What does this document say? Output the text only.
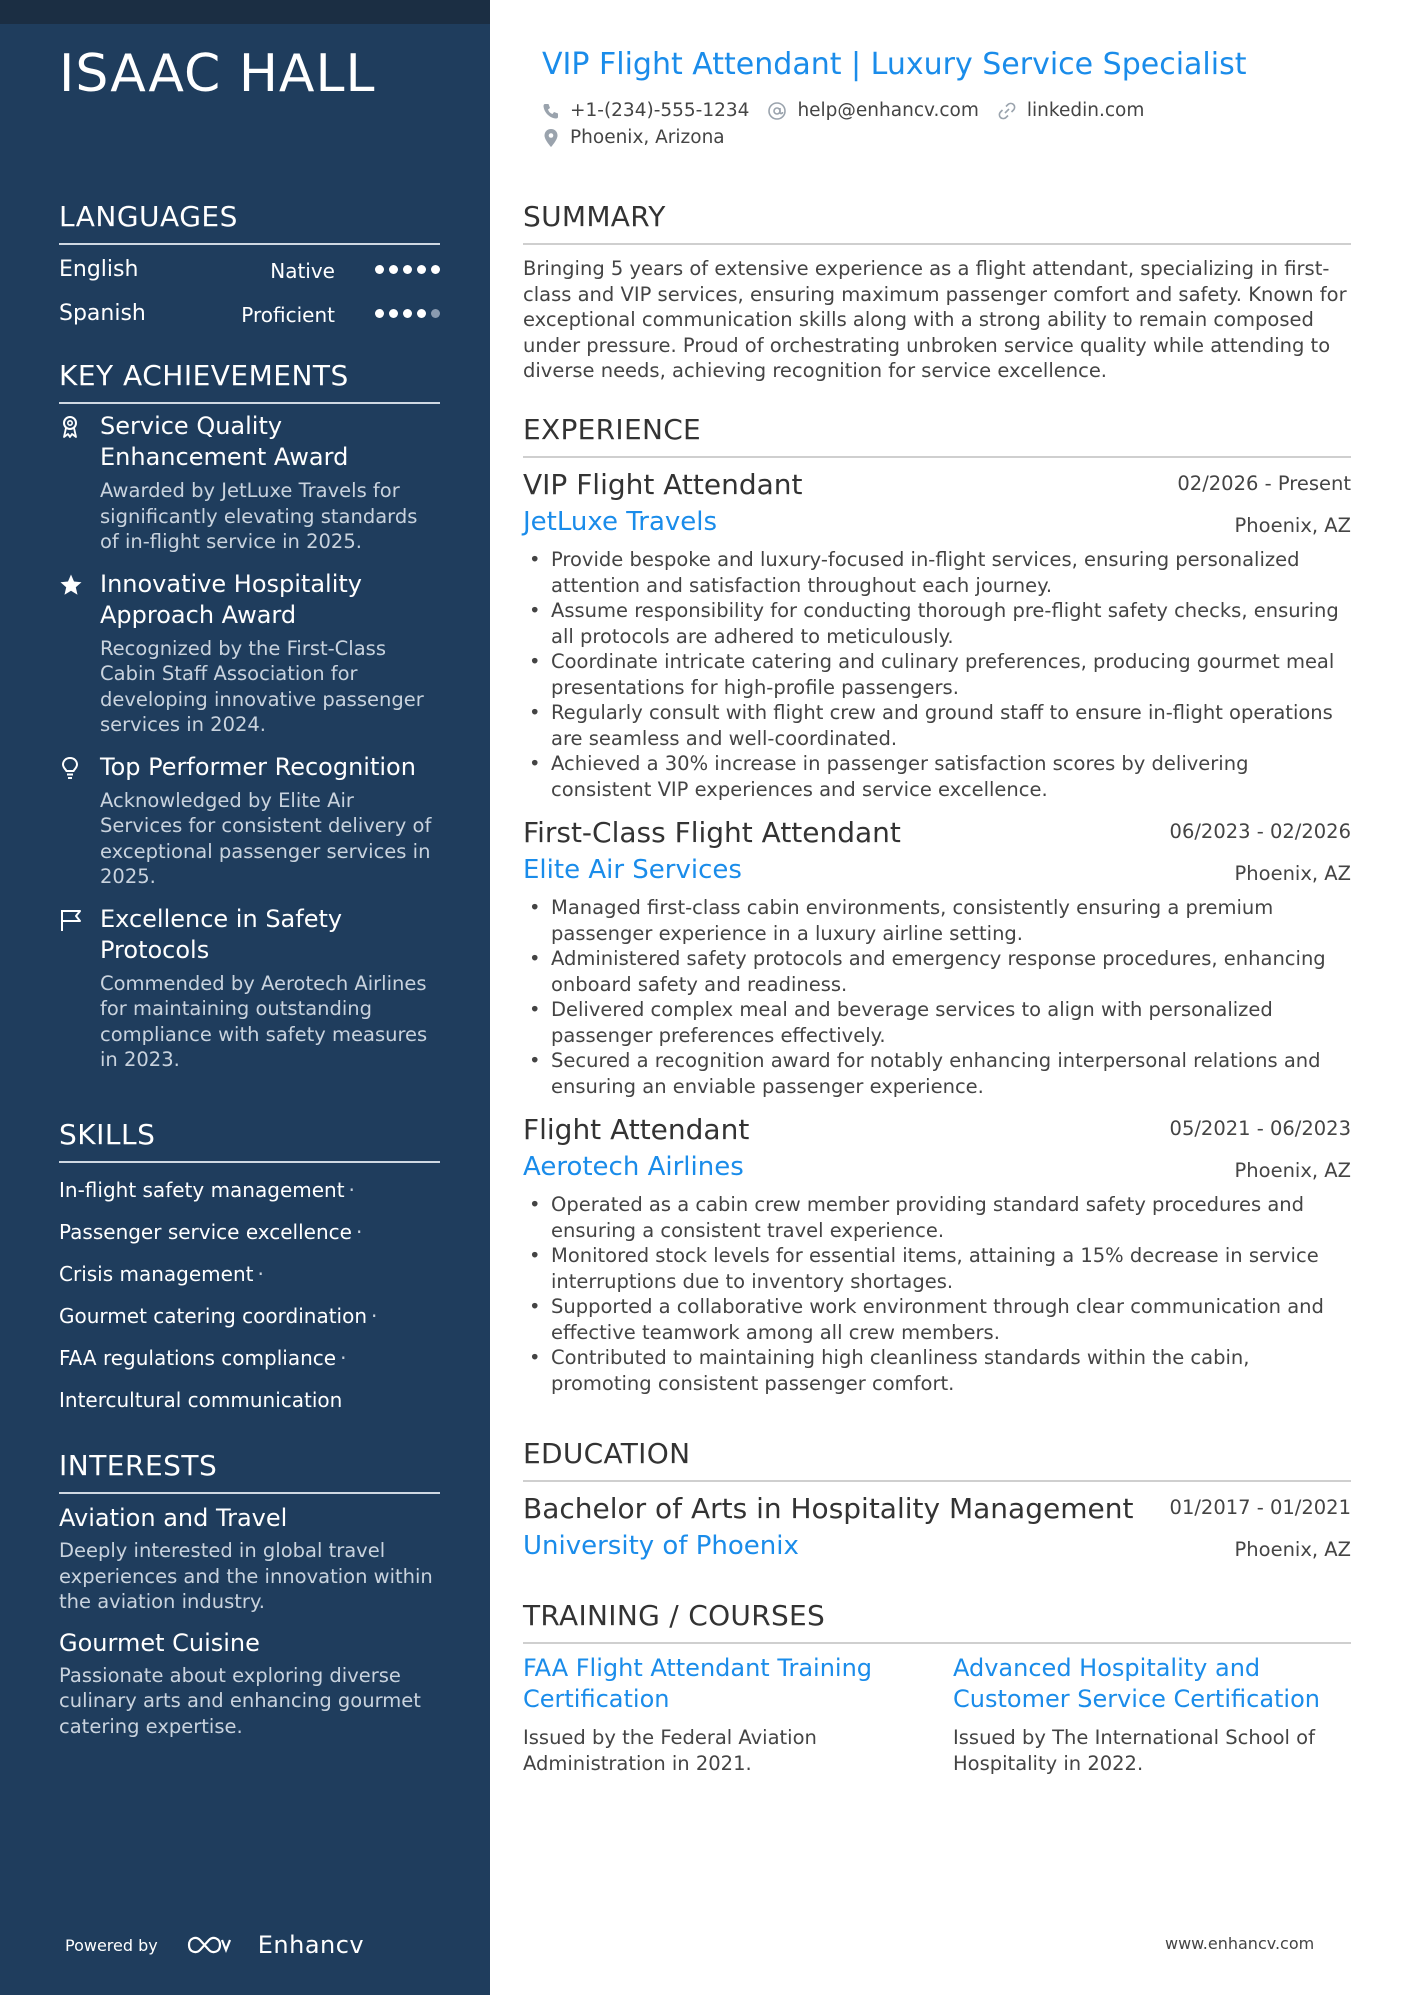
ISAAC HALL
LANGUAGES
English	Native
Spanish	Proficient
KEY ACHIEVEMENTS
Service Quality Enhancement Award
Awarded by JetLuxe Travels for significantly elevating standards of in-flight service in 2025.
Innovative Hospitality Approach Award
Recognized by the First-Class Cabin Staff Association for developing innovative passenger services in 2024.
Top Performer Recognition
Acknowledged by Elite Air Services for consistent delivery of exceptional passenger services in 2025.
Excellence in Safety Protocols
Commended by Aerotech Airlines for maintaining outstanding compliance with safety measures in 2023.
SKILLS
In-flight safety management ·
Passenger service excellence ·
Crisis management ·
Gourmet catering coordination ·
FAA regulations compliance ·
Intercultural communication
INTERESTS
Aviation and Travel
Deeply interested in global travel experiences and the innovation within the aviation industry.
Gourmet Cuisine
Passionate about exploring diverse culinary arts and enhancing gourmet catering expertise.
Powered by	Enhancv
VIP Flight Attendant | Luxury Service Specialist
+1-(234)-555-1234	help@enhancv.com	linkedin.com
Phoenix, Arizona
SUMMARY
Bringing 5 years of extensive experience as a flight attendant, specializing in first-class and VIP services, ensuring maximum passenger comfort and safety. Known for exceptional communication skills along with a strong ability to remain composed under pressure. Proud of orchestrating unbroken service quality while attending to diverse needs, achieving recognition for service excellence.
EXPERIENCE
VIP Flight Attendant	02/2026 - Present
JetLuxe Travels	Phoenix, AZ
• Provide bespoke and luxury-focused in-flight services, ensuring personalized attention and satisfaction throughout each journey.
• Assume responsibility for conducting thorough pre-flight safety checks, ensuring all protocols are adhered to meticulously.
• Coordinate intricate catering and culinary preferences, producing gourmet meal presentations for high-profile passengers.
• Regularly consult with flight crew and ground staff to ensure in-flight operations are seamless and well-coordinated.
• Achieved a 30% increase in passenger satisfaction scores by delivering consistent VIP experiences and service excellence.
First-Class Flight Attendant	06/2023 - 02/2026
Elite Air Services	Phoenix, AZ
• Managed first-class cabin environments, consistently ensuring a premium passenger experience in a luxury airline setting.
• Administered safety protocols and emergency response procedures, enhancing onboard safety and readiness.
• Delivered complex meal and beverage services to align with personalized passenger preferences effectively.
• Secured a recognition award for notably enhancing interpersonal relations and ensuring an enviable passenger experience.
Flight Attendant	05/2021 - 06/2023
Aerotech Airlines	Phoenix, AZ
• Operated as a cabin crew member providing standard safety procedures and ensuring a consistent travel experience.
• Monitored stock levels for essential items, attaining a 15% decrease in service interruptions due to inventory shortages.
• Supported a collaborative work environment through clear communication and effective teamwork among all crew members.
• Contributed to maintaining high cleanliness standards within the cabin, promoting consistent passenger comfort.
EDUCATION
Bachelor of Arts in Hospitality Management	01/2017 - 01/2021
University of Phoenix	Phoenix, AZ
TRAINING / COURSES
FAA Flight Attendant Training Certification
Issued by the Federal Aviation Administration in 2021.
Advanced Hospitality and Customer Service Certification
Issued by The International School of Hospitality in 2022.
www.enhancv.com
